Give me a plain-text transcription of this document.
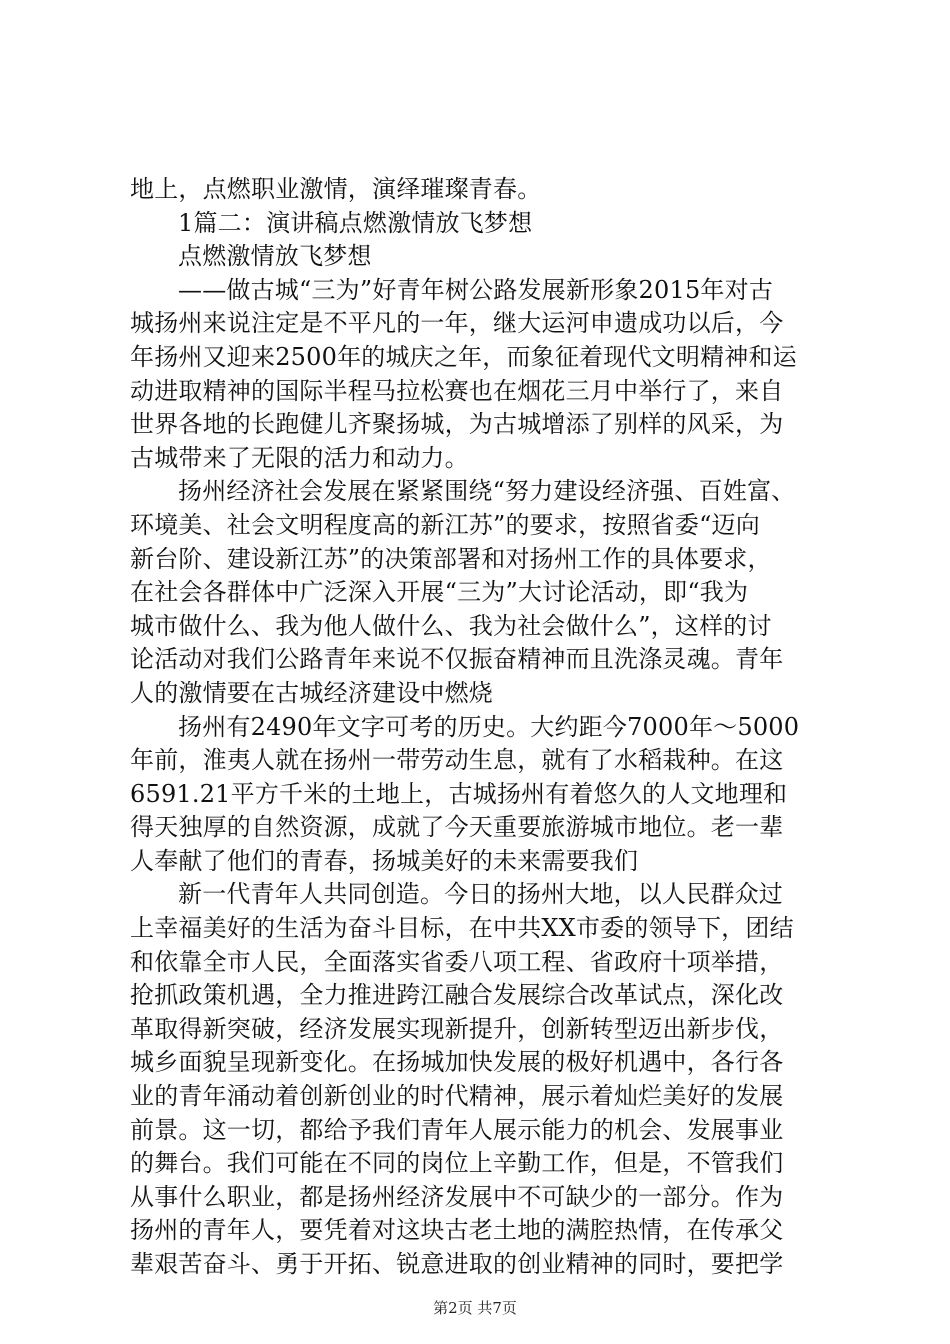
地上，点燃职业激情，演绎璀璨青春。
1篇二：演讲稿点燃激情放飞梦想
点燃激情放飞梦想
——做古城“三为”好青年树公路发展新形象2015年对古
城扬州来说注定是不平凡的一年，继大运河申遗成功以后，今
年扬州又迎来2500年的城庆之年，而象征着现代文明精神和运
动进取精神的国际半程马拉松赛也在烟花三月中举行了，来自
世界各地的长跑健儿齐聚扬城，为古城增添了别样的风采，为
古城带来了无限的活力和动力。
扬州经济社会发展在紧紧围绕“努力建设经济强、百姓富、
环境美、社会文明程度高的新江苏”的要求，按照省委“迈向
新台阶、建设新江苏”的决策部署和对扬州工作的具体要求，
在社会各群体中广泛深入开展“三为”大讨论活动，即“我为
城市做什么、我为他人做什么、我为社会做什么”，这样的讨
论活动对我们公路青年来说不仅振奋精神而且洗涤灵魂。青年
人的激情要在古城经济建设中燃烧
扬州有2490年文字可考的历史。大约距今7000年～5000
年前，淮夷人就在扬州一带劳动生息，就有了水稻栽种。在这
6591.21平方千米的土地上，古城扬州有着悠久的人文地理和
得天独厚的自然资源，成就了今天重要旅游城市地位。老一辈
人奉献了他们的青春，扬城美好的未来需要我们
新一代青年人共同创造。今日的扬州大地，以人民群众过
上幸福美好的生活为奋斗目标，在中共XX市委的领导下，团结
和依靠全市人民，全面落实省委八项工程、省政府十项举措，
抢抓政策机遇，全力推进跨江融合发展综合改革试点，深化改
革取得新突破，经济发展实现新提升，创新转型迈出新步伐，
城乡面貌呈现新变化。在扬城加快发展的极好机遇中，各行各
业的青年涌动着创新创业的时代精神，展示着灿烂美好的发展
前景。这一切，都给予我们青年人展示能力的机会、发展事业
的舞台。我们可能在不同的岗位上辛勤工作，但是，不管我们
从事什么职业，都是扬州经济发展中不可缺少的一部分。作为
扬州的青年人，要凭着对这块古老土地的满腔热情，在传承父
辈艰苦奋斗、勇于开拓、锐意进取的创业精神的同时，要把学
第2页 共7页
